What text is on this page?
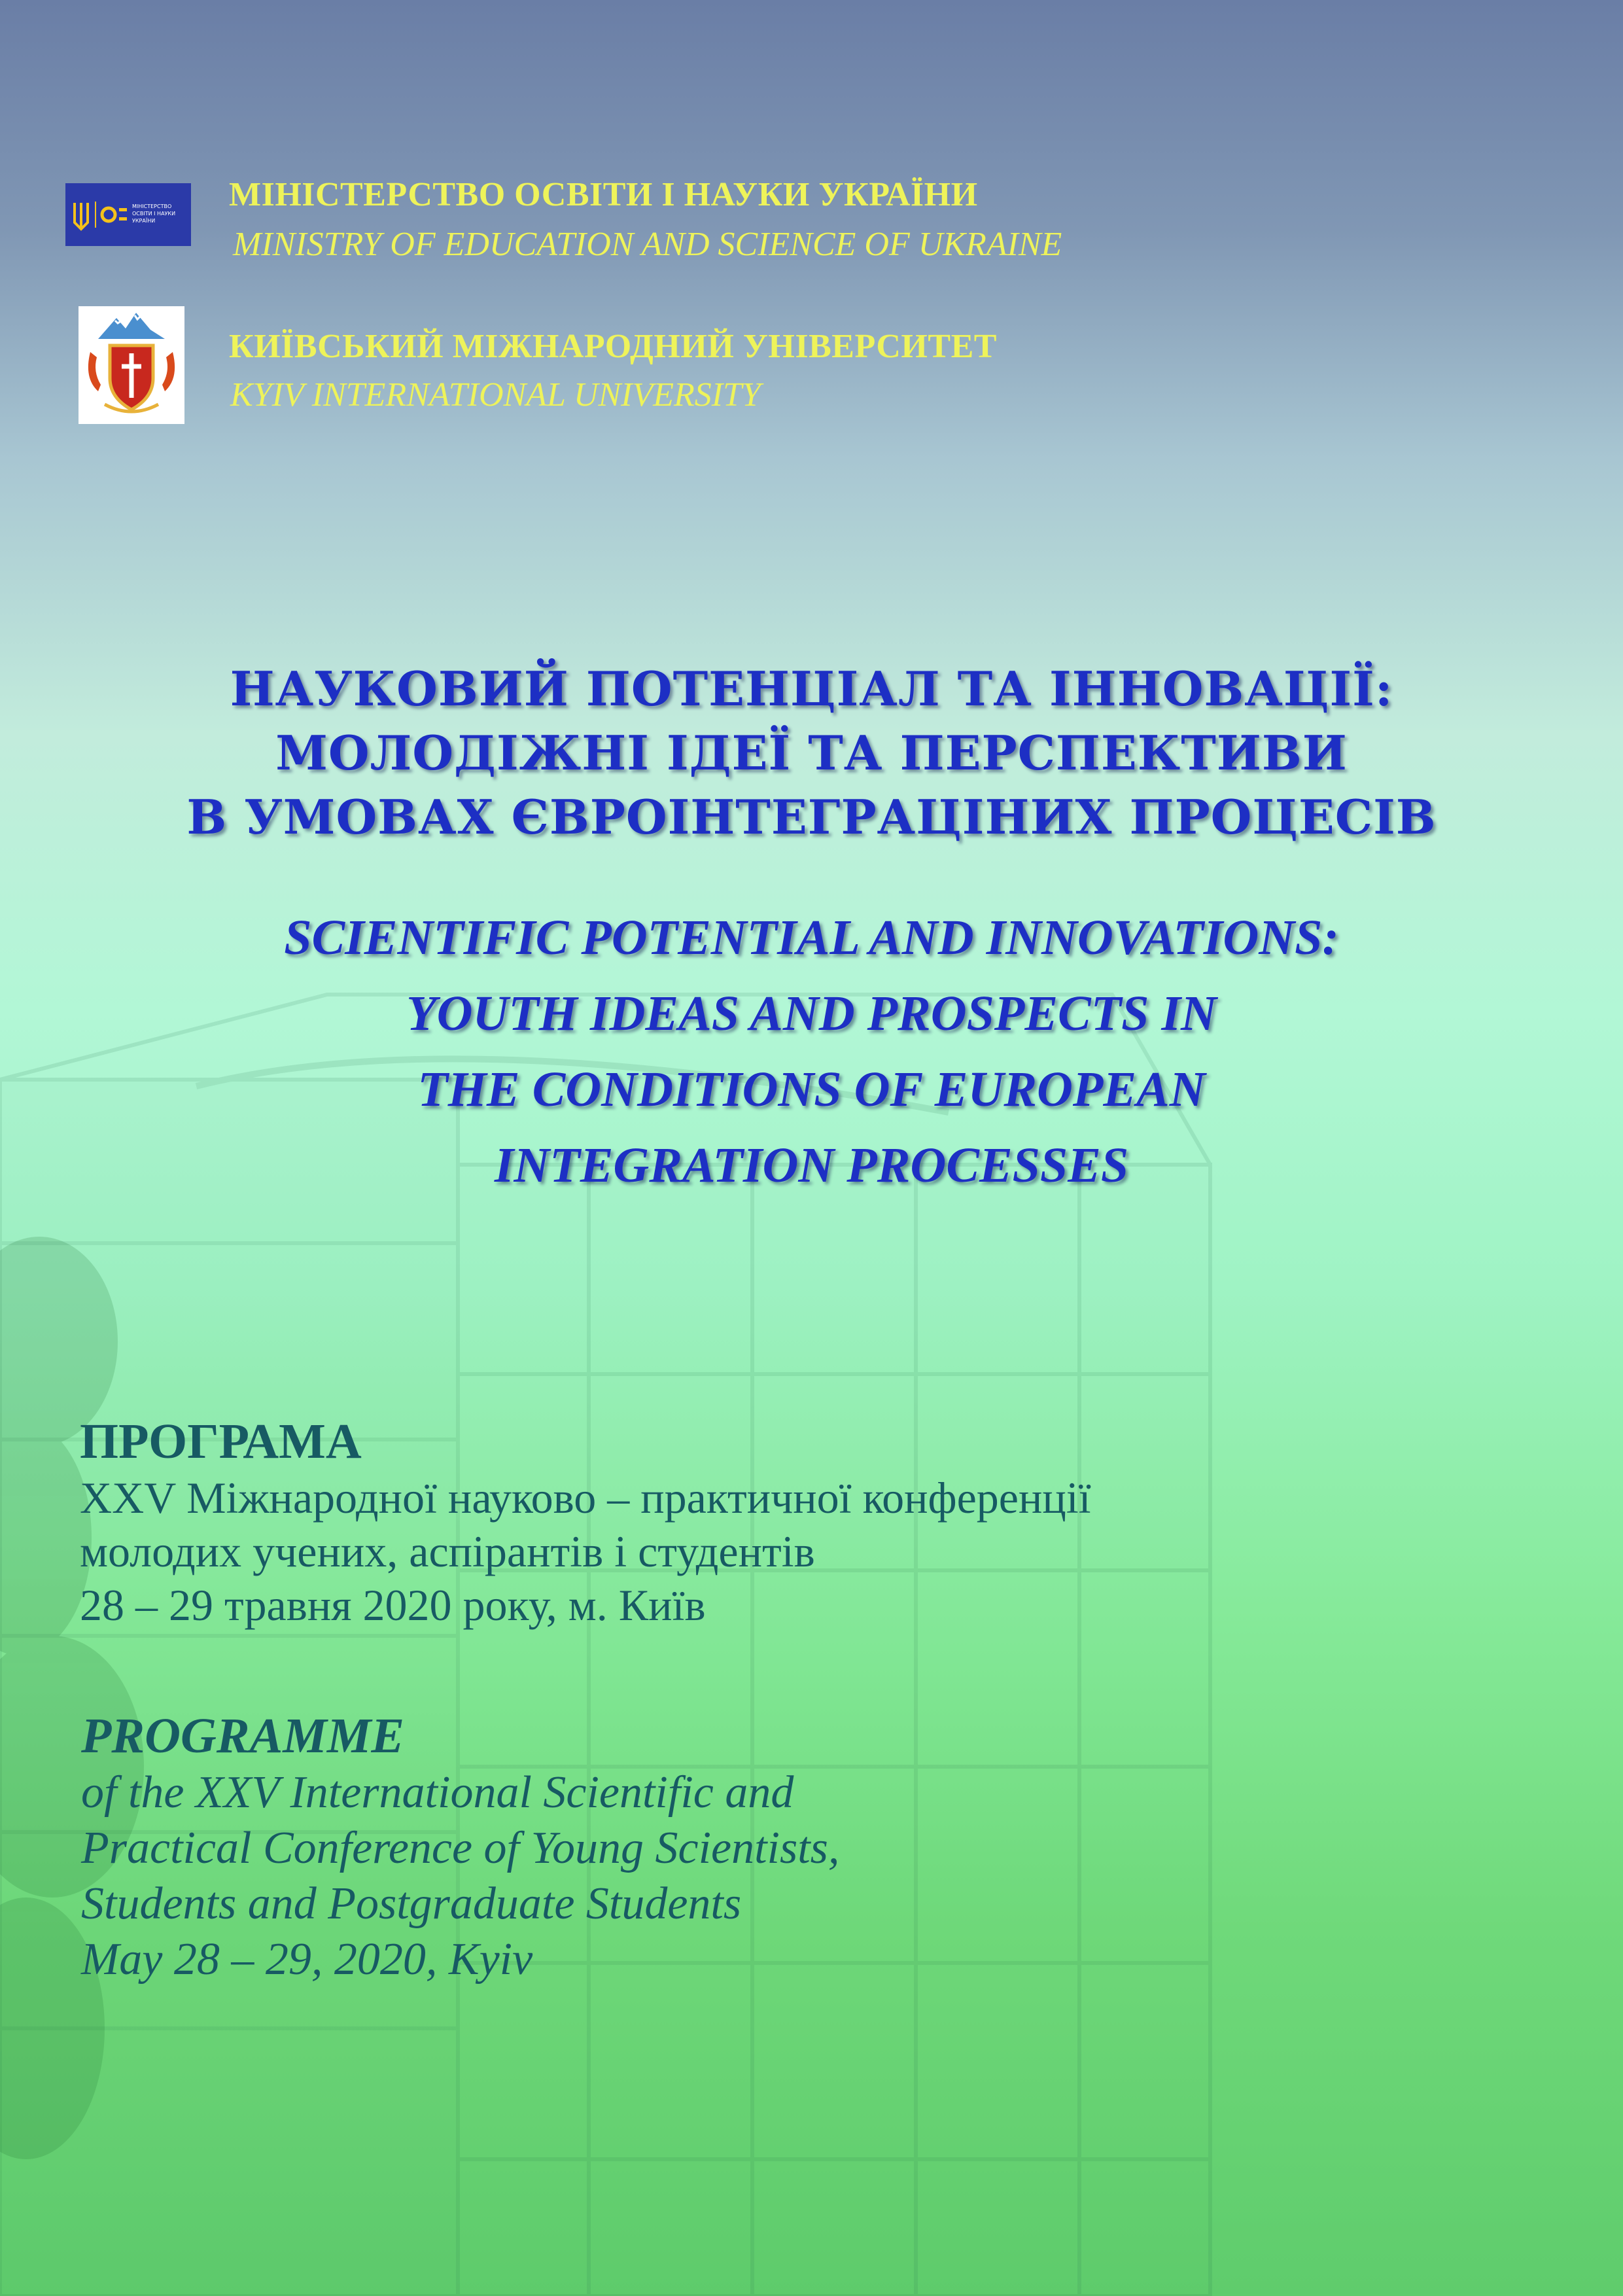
МІНІСТЕРСТВО
ОСВІТИ І НАУКИ
УКРАЇНИ
МІНІСТЕРСТВО ОСВІТИ І НАУКИ УКРАЇНИ
MINISTRY OF EDUCATION AND SCIENCE OF UKRAINE
КИЇВСЬКИЙ МІЖНАРОДНИЙ УНІВЕРСИТЕТ
KYIV INTERNATIONAL UNIVERSITY
НАУКОВИЙ ПОТЕНЦІАЛ ТА ІННОВАЦІЇ:
МОЛОДІЖНІ ІДЕЇ ТА ПЕРСПЕКТИВИ
В УМОВАХ ЄВРОІНТЕГРАЦІНИХ ПРОЦЕСІВ
SCIENTIFIC POTENTIAL AND INNOVATIONS:
YOUTH IDEAS AND PROSPECTS IN
THE CONDITIONS OF EUROPEAN
INTEGRATION PROCESSES
ПРОГРАМА
XXV Міжнародної науково – практичної конференції
молодих учених, аспірантів і студентів
28 – 29 травня 2020 року, м. Київ
PROGRAMME
of the XXV International Scientific and
Practical Conference of Young Scientists,
Students and Postgraduate Students
May 28 – 29, 2020, Kyiv
